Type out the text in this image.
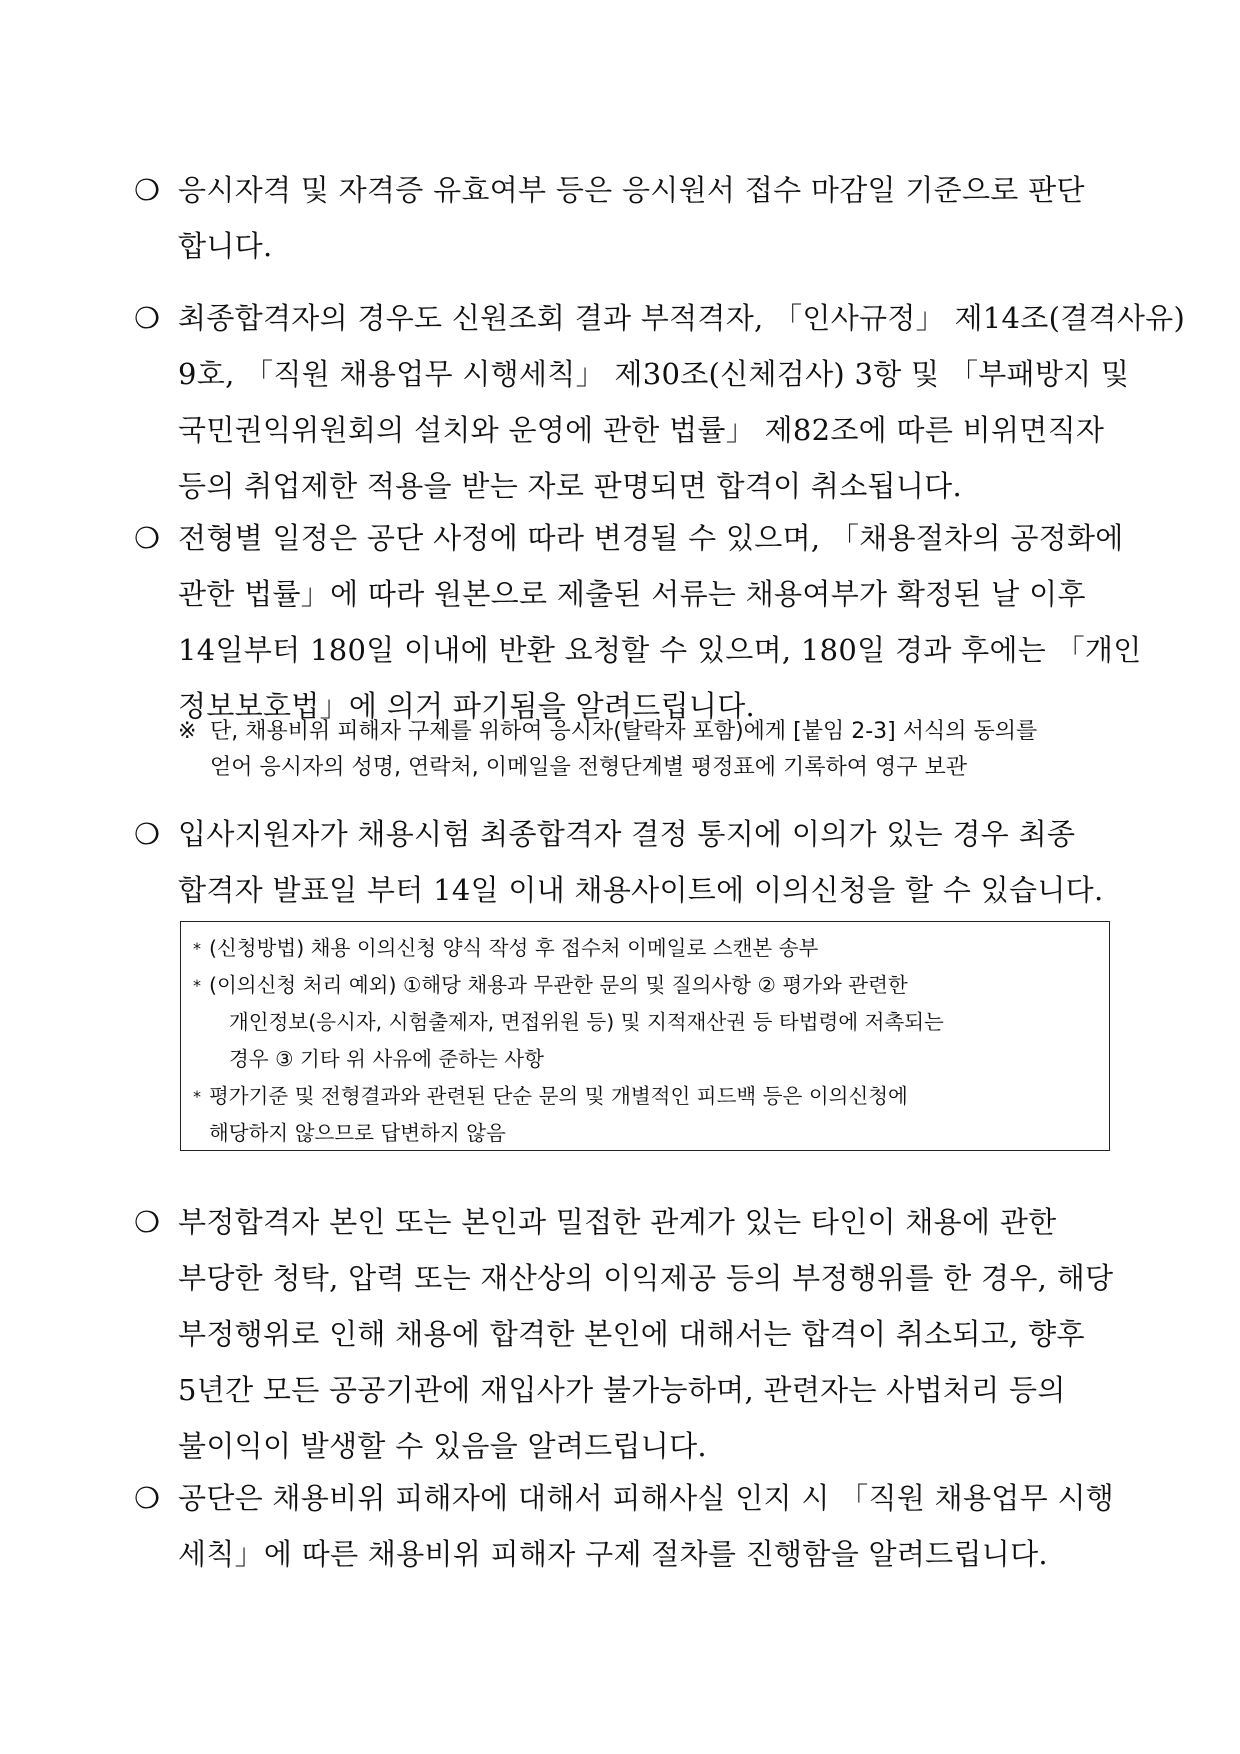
❍ 응시자격 및 자격증 유효여부 등은 응시원서 접수 마감일 기준으로 판단
합니다.
❍ 최종합격자의 경우도 신원조회 결과 부적격자, 「인사규정」 제14조(결격사유)
9호, 「직원 채용업무 시행세칙」 제30조(신체검사) 3항 및 「부패방지 및
국민권익위원회의 설치와 운영에 관한 법률」 제82조에 따른 비위면직자
등의 취업제한 적용을 받는 자로 판명되면 합격이 취소됩니다.
❍ 전형별 일정은 공단 사정에 따라 변경될 수 있으며, 「채용절차의 공정화에
관한 법률」에 따라 원본으로 제출된 서류는 채용여부가 확정된 날 이후
14일부터 180일 이내에 반환 요청할 수 있으며, 180일 경과 후에는 「개인
정보보호법」에 의거 파기됨을 알려드립니다.
※ 단, 채용비위 피해자 구제를 위하여 응시자(탈락자 포함)에게 [붙임 2-3] 서식의 동의를
얻어 응시자의 성명, 연락처, 이메일을 전형단계별 평정표에 기록하여 영구 보관
❍ 입사지원자가 채용시험 최종합격자 결정 통지에 이의가 있는 경우 최종
합격자 발표일 부터 14일 이내 채용사이트에 이의신청을 할 수 있습니다.
* (신청방법) 채용 이의신청 양식 작성 후 접수처 이메일로 스캔본 송부
* (이의신청 처리 예외) ①해당 채용과 무관한 문의 및 질의사항 ② 평가와 관련한
개인정보(응시자, 시험출제자, 면접위원 등) 및 지적재산권 등 타법령에 저촉되는
경우 ③ 기타 위 사유에 준하는 사항
* 평가기준 및 전형결과와 관련된 단순 문의 및 개별적인 피드백 등은 이의신청에
해당하지 않으므로 답변하지 않음
❍ 부정합격자 본인 또는 본인과 밀접한 관계가 있는 타인이 채용에 관한
부당한 청탁, 압력 또는 재산상의 이익제공 등의 부정행위를 한 경우, 해당
부정행위로 인해 채용에 합격한 본인에 대해서는 합격이 취소되고, 향후
5년간 모든 공공기관에 재입사가 불가능하며, 관련자는 사법처리 등의
불이익이 발생할 수 있음을 알려드립니다.
❍ 공단은 채용비위 피해자에 대해서 피해사실 인지 시 「직원 채용업무 시행
세칙」에 따른 채용비위 피해자 구제 절차를 진행함을 알려드립니다.
